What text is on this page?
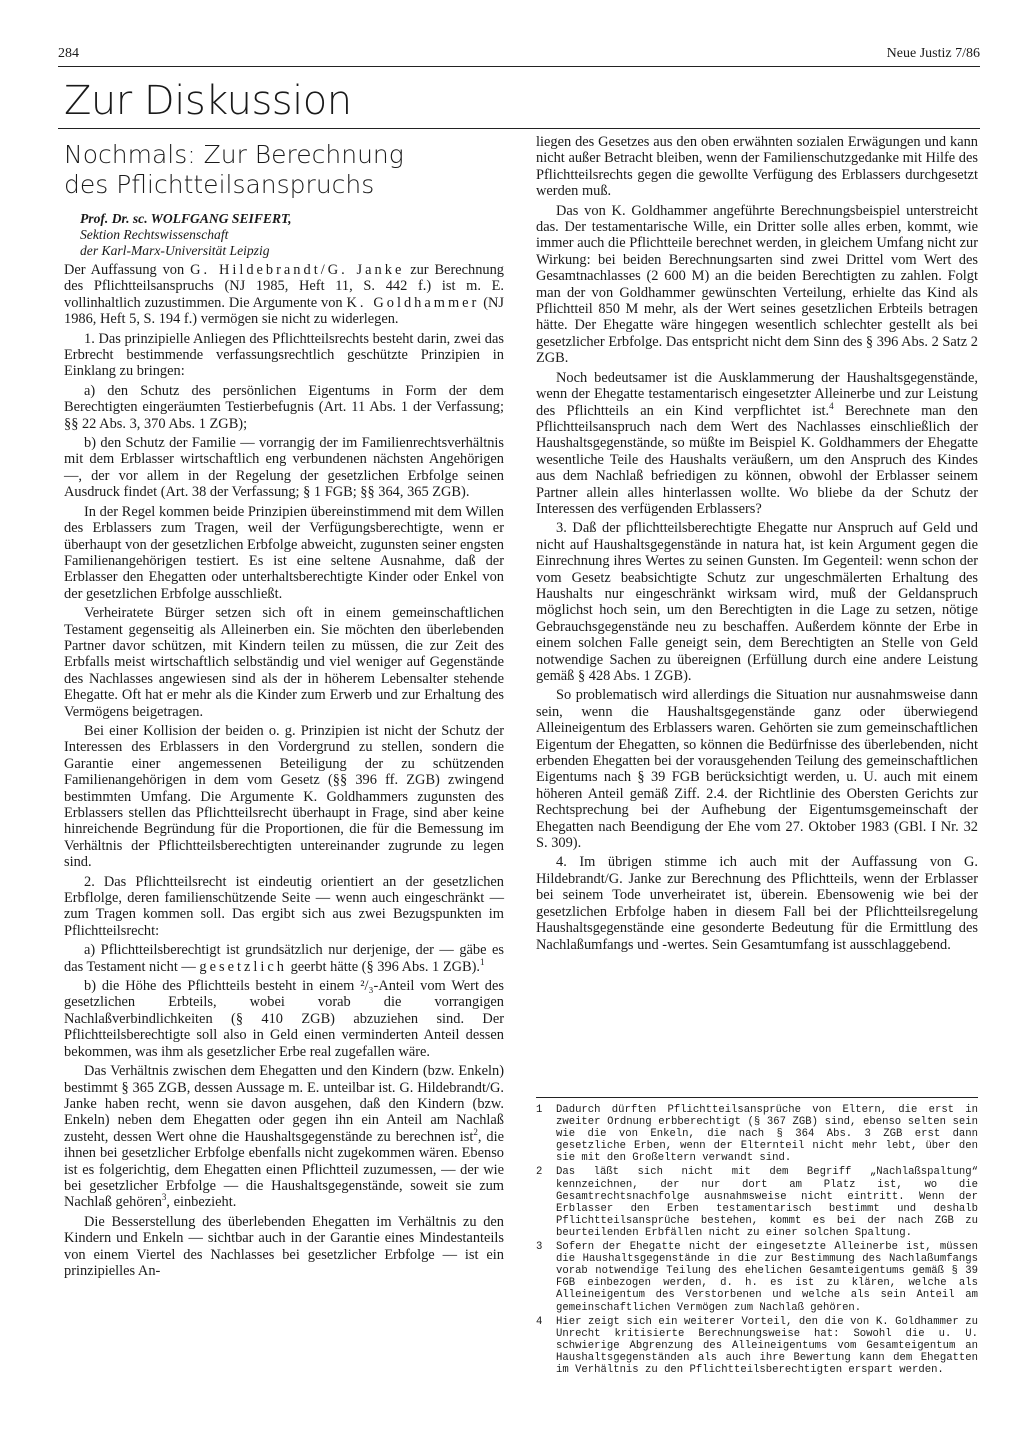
284	Neue Justiz 7/86
Zur Diskussion
Nochmals: Zur Berechnung
des Pflichtteilsanspruchs
Prof. Dr. sc. WOLFGANG SEIFERT,
Sektion Rechtswissenschaft
der Karl-Marx-Universität Leipzig

Der Auffassung von G. Hildebrandt/G. Janke zur Berechnung des Pflichtteilsanspruchs (NJ 1985, Heft 11, S. 442 f.) ist m. E. vollinhaltlich zuzustimmen. Die Argumente von K. Goldhammer (NJ 1986, Heft 5, S. 194 f.) vermögen sie nicht zu widerlegen.

1. Das prinzipielle Anliegen des Pflichtteilsrechts besteht darin, zwei das Erbrecht bestimmende verfassungsrechtlich geschützte Prinzipien in Einklang zu bringen:

a) den Schutz des persönlichen Eigentums in Form der dem Berechtigten eingeräumten Testierbefugnis (Art. 11 Abs. 1 der Verfassung; §§ 22 Abs. 3, 370 Abs. 1 ZGB);

b) den Schutz der Familie — vorrangig der im Familienrechtsverhältnis mit dem Erblasser wirtschaftlich eng verbundenen nächsten Angehörigen —, der vor allem in der Regelung der gesetzlichen Erbfolge seinen Ausdruck findet (Art. 38 der Verfassung; § 1 FGB; §§ 364, 365 ZGB).

In der Regel kommen beide Prinzipien übereinstimmend mit dem Willen des Erblassers zum Tragen, weil der Verfügungsberechtigte, wenn er überhaupt von der gesetzlichen Erbfolge abweicht, zugunsten seiner engsten Familienangehörigen testiert. Es ist eine seltene Ausnahme, daß der Erblasser den Ehegatten oder unterhaltsberechtigte Kinder oder Enkel von der gesetzlichen Erbfolge ausschließt.

Verheiratete Bürger setzen sich oft in einem gemeinschaftlichen Testament gegenseitig als Alleinerben ein. Sie möchten den überlebenden Partner davor schützen, mit Kindern teilen zu müssen, die zur Zeit des Erbfalls meist wirtschaftlich selbständig und viel weniger auf Gegenstände des Nachlasses angewiesen sind als der in höherem Lebensalter stehende Ehegatte. Oft hat er mehr als die Kinder zum Erwerb und zur Erhaltung des Vermögens beigetragen.

Bei einer Kollision der beiden o. g. Prinzipien ist nicht der Schutz der Interessen des Erblassers in den Vordergrund zu stellen, sondern die Garantie einer angemessenen Beteiligung der zu schützenden Familienangehörigen in dem vom Gesetz (§§ 396 ff. ZGB) zwingend bestimmten Umfang. Die Argumente K. Goldhammers zugunsten des Erblassers stellen das Pflichtteilsrecht überhaupt in Frage, sind aber keine hinreichende Begründung für die Proportionen, die für die Bemessung im Verhältnis der Pflichtteilsberechtigten untereinander zugrunde zu legen sind.

2. Das Pflichtteilsrecht ist eindeutig orientiert an der gesetzlichen Erbflolge, deren familienschützende Seite — wenn auch eingeschränkt — zum Tragen kommen soll. Das ergibt sich aus zwei Bezugspunkten im Pflichtteilsrecht:

a) Pflichtteilsberechtigt ist grundsätzlich nur derjenige, der — gäbe es das Testament nicht — gesetzlich geerbt hätte (§ 396 Abs. 1 ZGB).$^1$

b) die Höhe des Pflichtteils besteht in einem ²/₃-Anteil vom Wert des gesetzlichen Erbteils, wobei vorab die vorrangigen Nachlaßverbindlichkeiten (§ 410 ZGB) abzuziehen sind. Der Pflichtteilsberechtigte soll also in Geld einen verminderten Anteil dessen bekommen, was ihm als gesetzlicher Erbe real zugefallen wäre.

Das Verhältnis zwischen dem Ehegatten und den Kindern (bzw. Enkeln) bestimmt § 365 ZGB, dessen Aussage m. E. unteilbar ist. G. Hildebrandt/G. Janke haben recht, wenn sie davon ausgehen, daß den Kindern (bzw. Enkeln) neben dem Ehegatten oder gegen ihn ein Anteil am Nachlaß zusteht, dessen Wert ohne die Haushaltsgegenstände zu berechnen ist$^2$, die ihnen bei gesetzlicher Erbfolge ebenfalls nicht zugekommen wären. Ebenso ist es folgerichtig, dem Ehegatten einen Pflichtteil zuzumessen, — der wie bei gesetzlicher Erbfolge — die Haushaltsgegenstände, soweit sie zum Nachlaß gehören$^3$, einbezieht.

Die Besserstellung des überlebenden Ehegatten im Verhältnis zu den Kindern und Enkeln — sichtbar auch in der Garantie eines Mindestanteils von einem Viertel des Nachlasses bei gesetzlicher Erbfolge — ist ein prinzipielles An-

liegen des Gesetzes aus den oben erwähnten sozialen Erwägungen und kann nicht außer Betracht bleiben, wenn der Familienschutzgedanke mit Hilfe des Pflichtteilsrechts gegen die gewollte Verfügung des Erblassers durchgesetzt werden muß.

Das von K. Goldhammer angeführte Berechnungsbeispiel unterstreicht das. Der testamentarische Wille, ein Dritter solle alles erben, kommt, wie immer auch die Pflichtteile berechnet werden, in gleichem Umfang nicht zur Wirkung: bei beiden Berechnungsarten sind zwei Drittel vom Wert des Gesamtnachlasses (2 600 M) an die beiden Berechtigten zu zahlen. Folgt man der von Goldhammer gewünschten Verteilung, erhielte das Kind als Pflichtteil 850 M mehr, als der Wert seines gesetzlichen Erbteils betragen hätte. Der Ehegatte wäre hingegen wesentlich schlechter gestellt als bei gesetzlicher Erbfolge. Das entspricht nicht dem Sinn des § 396 Abs. 2 Satz 2 ZGB.

Noch bedeutsamer ist die Ausklammerung der Haushaltsgegenstände, wenn der Ehegatte testamentarisch eingesetzter Alleinerbe und zur Leistung des Pflichtteils an ein Kind verpflichtet ist.$^4$ Berechnete man den Pflichtteilsanspruch nach dem Wert des Nachlasses einschließlich der Haushaltsgegenstände, so müßte im Beispiel K. Goldhammers der Ehegatte wesentliche Teile des Haushalts veräußern, um den Anspruch des Kindes aus dem Nachlaß befriedigen zu können, obwohl der Erblasser seinem Partner allein alles hinterlassen wollte. Wo bliebe da der Schutz der Interessen des verfügenden Erblassers?

3. Daß der pflichtteilsberechtigte Ehegatte nur Anspruch auf Geld und nicht auf Haushaltsgegenstände in natura hat, ist kein Argument gegen die Einrechnung ihres Wertes zu seinen Gunsten. Im Gegenteil: wenn schon der vom Gesetz beabsichtigte Schutz zur ungeschmälerten Erhaltung des Haushalts nur eingeschränkt wirksam wird, muß der Geldanspruch möglichst hoch sein, um den Berechtigten in die Lage zu setzen, nötige Gebrauchsgegenstände neu zu beschaffen. Außerdem könnte der Erbe in einem solchen Falle geneigt sein, dem Berechtigten an Stelle von Geld notwendige Sachen zu übereignen (Erfüllung durch eine andere Leistung gemäß § 428 Abs. 1 ZGB).

So problematisch wird allerdings die Situation nur ausnahmsweise dann sein, wenn die Haushaltsgegenstände ganz oder überwiegend Alleineigentum des Erblassers waren. Gehörten sie zum gemeinschaftlichen Eigentum der Ehegatten, so können die Bedürfnisse des überlebenden, nicht erbenden Ehegatten bei der vorausgehenden Teilung des gemeinschaftlichen Eigentums nach § 39 FGB berücksichtigt werden, u. U. auch mit einem höheren Anteil gemäß Ziff. 2.4. der Richtlinie des Obersten Gerichts zur Rechtsprechung bei der Aufhebung der Eigentumsgemeinschaft der Ehegatten nach Beendigung der Ehe vom 27. Oktober 1983 (GBl. I Nr. 32 S. 309).

4. Im übrigen stimme ich auch mit der Auffassung von G. Hildebrandt/G. Janke zur Berechnung des Pflichtteils, wenn der Erblasser bei seinem Tode unverheiratet ist, überein. Ebensowenig wie bei der gesetzlichen Erbfolge haben in diesem Fall bei der Pflichtteilsregelung Haushaltsgegenstände eine gesonderte Bedeutung für die Ermittlung des Nachlaßumfangs und -wertes. Sein Gesamtumfang ist ausschlaggebend.

1	Dadurch dürften Pflichtteilsansprüche von Eltern, die erst in zweiter Ordnung erbberechtigt (§ 367 ZGB) sind, ebenso selten sein wie die von Enkeln, die nach § 364 Abs. 3 ZGB erst dann gesetzliche Erben, wenn der Elternteil nicht mehr lebt, über den sie mit den Großeltern verwandt sind.
2	Das läßt sich nicht mit dem Begriff „Nachlaßspaltung“ kennzeichnen, der nur dort am Platz ist, wo die Gesamtrechtsnachfolge ausnahmsweise nicht eintritt. Wenn der Erblasser den Erben testamentarisch bestimmt und deshalb Pflichtteilsansprüche bestehen, kommt es bei der nach ZGB zu beurteilenden Erbfällen nicht zu einer solchen Spaltung.
3	Sofern der Ehegatte nicht der eingesetzte Alleinerbe ist, müssen die Haushaltsgegenstände in die zur Bestimmung des Nachlaßumfangs vorab notwendige Teilung des ehelichen Gesamteigentums gemäß § 39 FGB einbezogen werden, d. h. es ist zu klären, welche als Alleineigentum des Verstorbenen und welche als sein Anteil am gemeinschaftlichen Vermögen zum Nachlaß gehören.
4	Hier zeigt sich ein weiterer Vorteil, den die von K. Goldhammer zu Unrecht kritisierte Berechnungsweise hat: Sowohl die u. U. schwierige Abgrenzung des Alleineigentums vom Gesamteigentum an Haushaltsgegenständen als auch ihre Bewertung kann dem Ehegatten im Verhältnis zu den Pflichtteilsberechtigten erspart werden.
